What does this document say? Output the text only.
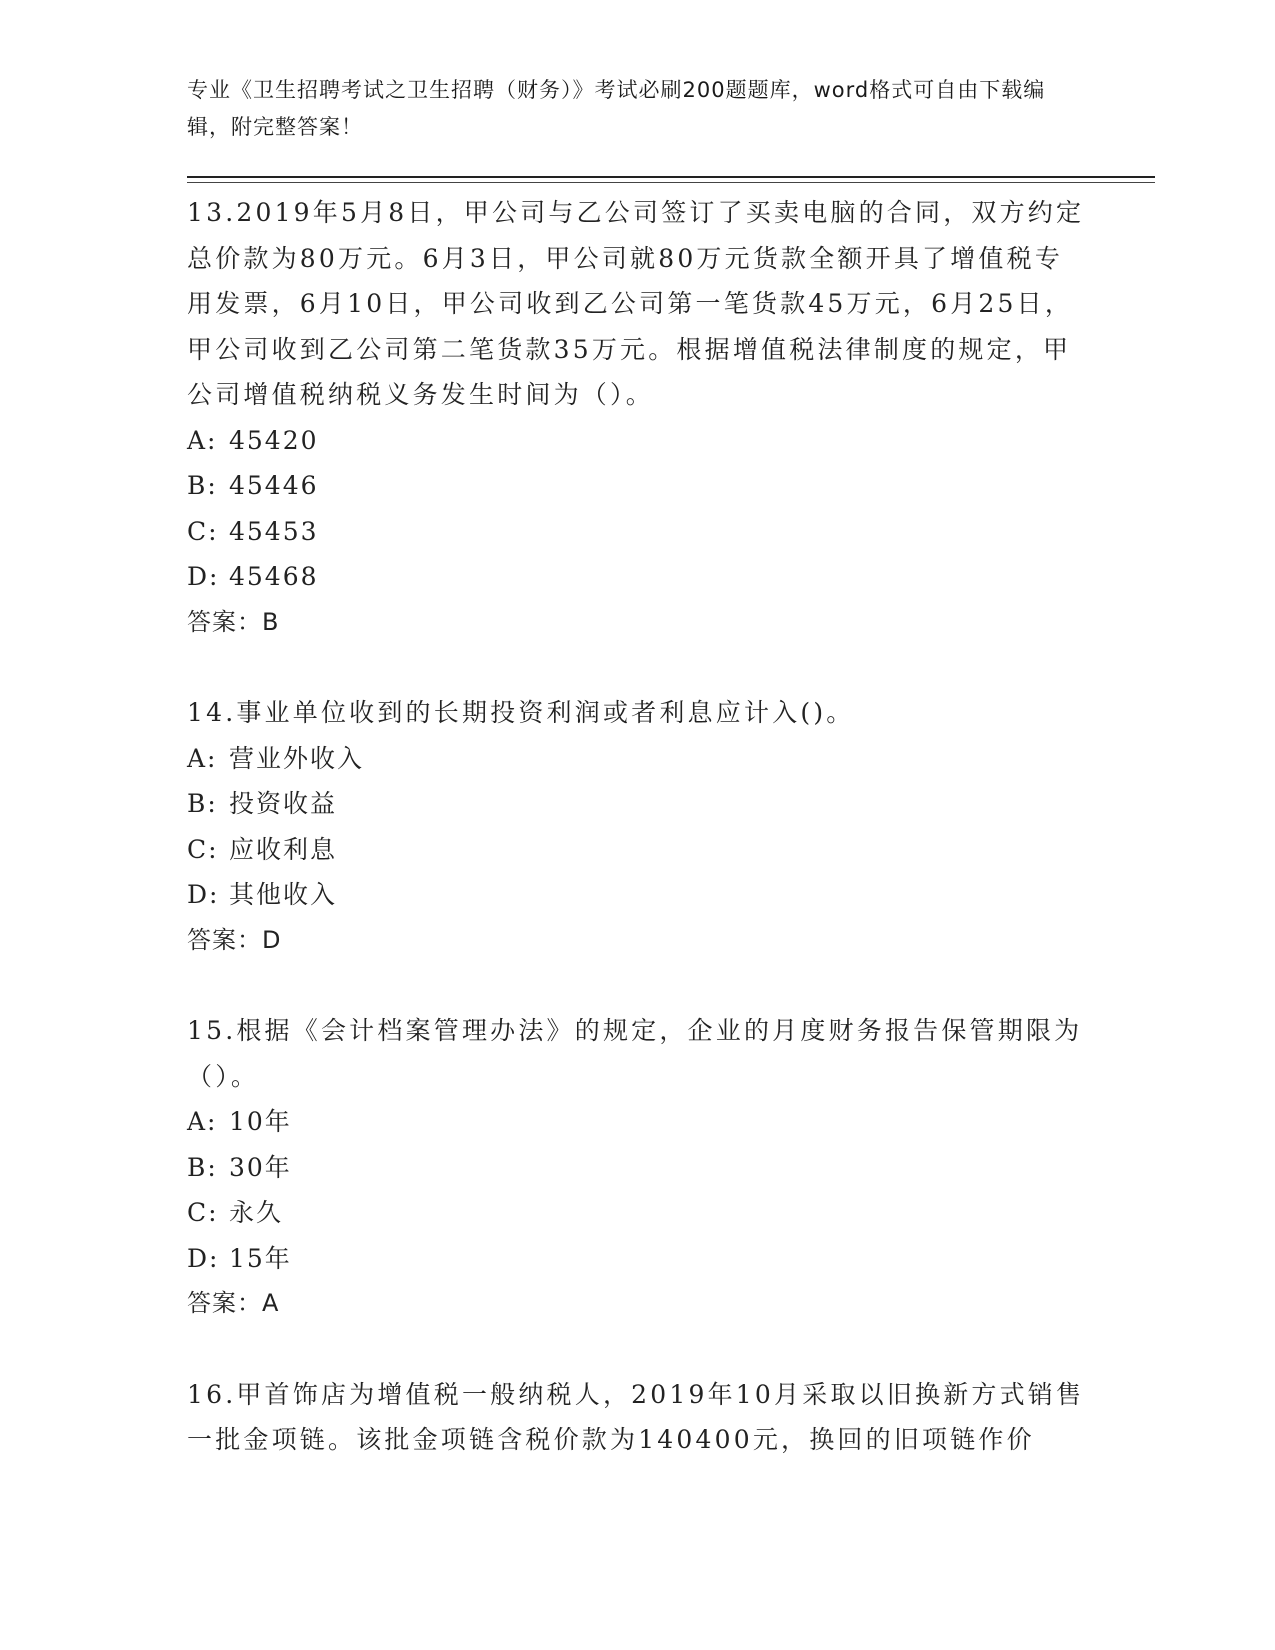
专业《卫生招聘考试之卫生招聘（财务）》考试必刷200题题库，word格式可自由下载编辑，附完整答案！

13.2019年5月8日，甲公司与乙公司签订了买卖电脑的合同，双方约定总价款为80万元。6月3日，甲公司就80万元货款全额开具了增值税专用发票，6月10日，甲公司收到乙公司第一笔货款45万元，6月25日，甲公司收到乙公司第二笔货款35万元。根据增值税法律制度的规定，甲公司增值税纳税义务发生时间为（）。

A: 45420

B: 45446

C: 45453

D: 45468

答案：B

14.事业单位收到的长期投资利润或者利息应计入()。

A: 营业外收入

B: 投资收益

C: 应收利息

D: 其他收入

答案：D

15.根据《会计档案管理办法》的规定，企业的月度财务报告保管期限为（）。

A: 10年

B: 30年

C: 永久

D: 15年

答案：A

16.甲首饰店为增值税一般纳税人，2019年10月采取以旧换新方式销售一批金项链。该批金项链含税价款为140400元，换回的旧项链作价
